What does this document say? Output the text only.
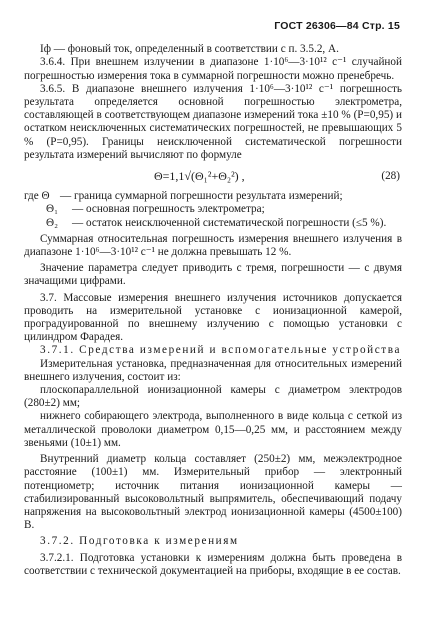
ГОСТ 26306—84 Стр. 15

Iф — фоновый ток, определенный в соответствии с п. 3.5.2, А.

3.6.4. При внешнем излучении в диапазоне 1·10⁶—3·10¹² с⁻¹ случайной погрешностью измерения тока в суммарной погрешности можно пренебречь.

3.6.5. В диапазоне внешнего излучения 1·10⁶—3·10¹² с⁻¹ погрешность результата определяется основной погрешностью электрометра, составляющей в соответствующем диапазоне измерений тока ±10 % (P=0,95) и остатком неисключенных систематических погрешностей, не превышающих 5 % (P=0,95). Границы неисключенной систематической погрешности результата измерений вычисляют по формуле

Θ=1,1√(Θ₁²+Θ₂²) ,	(28)
где Θ — граница суммарной погрешности результата измерений;
Θ₁	— основная погрешность электрометра;
Θ₂	— остаток неисключенной систематической погрешности (≤5 %).

Суммарная относительная погрешность измерения внешнего излучения в диапазоне 1·10⁶—3·10¹² с⁻¹ не должна превышать 12 %.

Значение параметра следует приводить с тремя, погрешности — с двумя значащими цифрами.

3.7. Массовые измерения внешнего излучения источников допускается проводить на измерительной установке с ионизационной камерой, проградуированной по внешнему излучению с помощью установки с цилиндром Фарадея.

3.7.1. Средства измерений и вспомогательные устройства

Измерительная установка, предназначенная для относительных измерений внешнего излучения, состоит из:

плоскопараллельной ионизационной камеры с диаметром электродов (280±2) мм;

нижнего собирающего электрода, выполненного в виде кольца с сеткой из металлической проволоки диаметром 0,15—0,25 мм, и расстоянием между звеньями (10±1) мм.

Внутренний диаметр кольца составляет (250±2) мм, межэлектродное расстояние (100±1) мм. Измерительный прибор — электронный потенциометр; источник питания ионизационной камеры — стабилизированный высоковольтный выпрямитель, обеспечивающий подачу напряжения на высоковольтный электрод ионизационной камеры (4500±100) В.

3.7.2. Подготовка к измерениям

3.7.2.1. Подготовка установки к измерениям должна быть проведена в соответствии с технической документацией на приборы, входящие в ее состав.
